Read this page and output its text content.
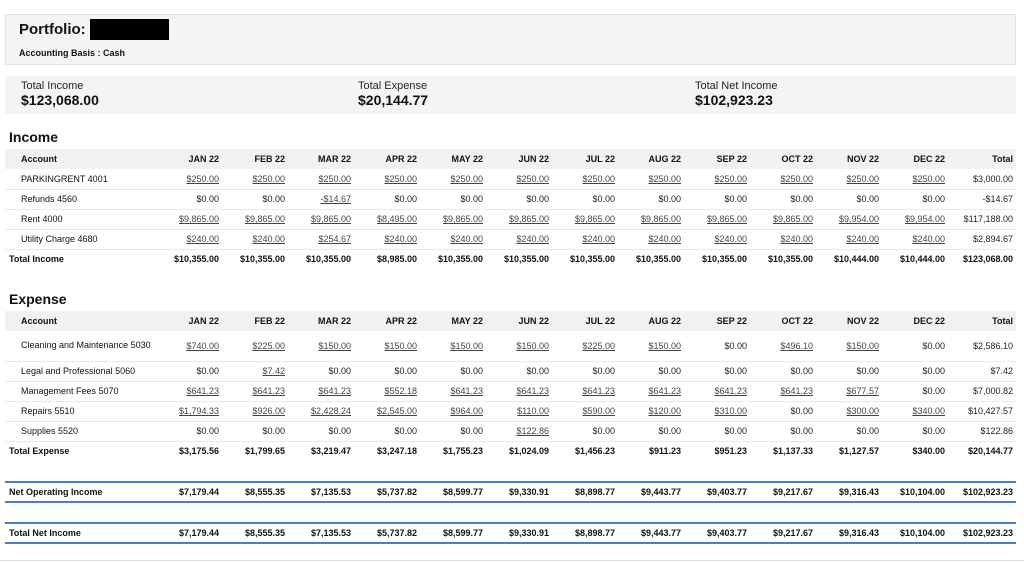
Portfolio:
Accounting Basis : Cash
Total Income
$123,068.00
Total Expense
$20,144.77
Total Net Income
$102,923.23
Income
Account	JAN 22	FEB 22	MAR 22	APR 22	MAY 22	JUN 22	JUL 22	AUG 22	SEP 22	OCT 22	NOV 22	DEC 22	Total
PARKINGRENT 4001	$250.00	$250.00	$250.00	$250.00	$250.00	$250.00	$250.00	$250.00	$250.00	$250.00	$250.00	$250.00	$3,000.00
Refunds 4560	$0.00	$0.00	-$14.67	$0.00	$0.00	$0.00	$0.00	$0.00	$0.00	$0.00	$0.00	$0.00	-$14.67
Rent 4000	$9,865.00	$9,865.00	$9,865.00	$8,495.00	$9,865.00	$9,865.00	$9,865.00	$9,865.00	$9,865.00	$9,865.00	$9,954.00	$9,954.00	$117,188.00
Utility Charge 4680	$240.00	$240.00	$254.67	$240.00	$240.00	$240.00	$240.00	$240.00	$240.00	$240.00	$240.00	$240.00	$2,894.67
Total Income	$10,355.00	$10,355.00	$10,355.00	$8,985.00	$10,355.00	$10,355.00	$10,355.00	$10,355.00	$10,355.00	$10,355.00	$10,444.00	$10,444.00	$123,068.00
Expense
Account	JAN 22	FEB 22	MAR 22	APR 22	MAY 22	JUN 22	JUL 22	AUG 22	SEP 22	OCT 22	NOV 22	DEC 22	Total
Cleaning and Maintenance 5030	$740.00	$225.00	$150.00	$150.00	$150.00	$150.00	$225.00	$150.00	$0.00	$496.10	$150.00	$0.00	$2,586.10
Legal and Professional 5060	$0.00	$7.42	$0.00	$0.00	$0.00	$0.00	$0.00	$0.00	$0.00	$0.00	$0.00	$0.00	$7.42
Management Fees 5070	$641.23	$641.23	$641.23	$552.18	$641.23	$641.23	$641.23	$641.23	$641.23	$641.23	$677.57	$0.00	$7,000.82
Repairs 5510	$1,794.33	$926.00	$2,428.24	$2,545.00	$964.00	$110.00	$590.00	$120.00	$310.00	$0.00	$300.00	$340.00	$10,427.57
Supplies 5520	$0.00	$0.00	$0.00	$0.00	$0.00	$122.86	$0.00	$0.00	$0.00	$0.00	$0.00	$0.00	$122.86
Total Expense	$3,175.56	$1,799.65	$3,219.47	$3,247.18	$1,755.23	$1,024.09	$1,456.23	$911.23	$951.23	$1,137.33	$1,127.57	$340.00	$20,144.77
Net Operating Income	$7,179.44	$8,555.35	$7,135.53	$5,737.82	$8,599.77	$9,330.91	$8,898.77	$9,443.77	$9,403.77	$9,217.67	$9,316.43	$10,104.00	$102,923.23
Total Net Income	$7,179.44	$8,555.35	$7,135.53	$5,737.82	$8,599.77	$9,330.91	$8,898.77	$9,443.77	$9,403.77	$9,217.67	$9,316.43	$10,104.00	$102,923.23
